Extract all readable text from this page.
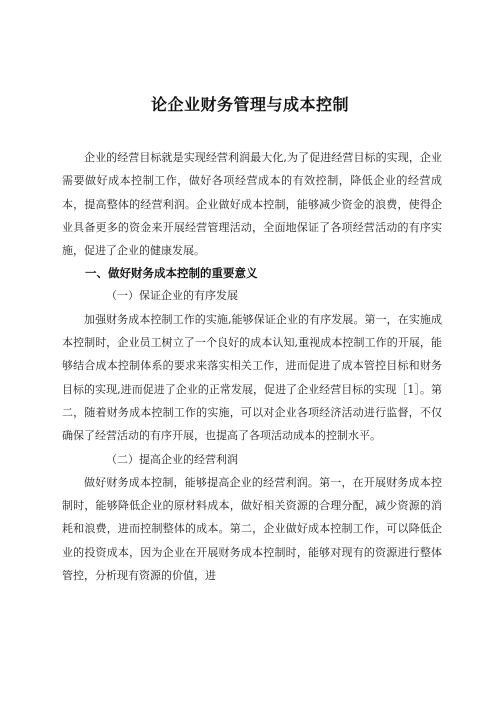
论企业财务管理与成本控制

企业的经营目标就是实现经营利润最大化,为了促进经营目标的实现，企业需要做好成本控制工作，做好各项经营成本的有效控制，降低企业的经营成本，提高整体的经营利润。企业做好成本控制，能够减少资金的浪费，使得企业具备更多的资金来开展经营管理活动，全面地保证了各项经营活动的有序实施，促进了企业的健康发展。

一、做好财务成本控制的重要意义
（一）保证企业的有序发展

加强财务成本控制工作的实施,能够保证企业的有序发展。第一，在实施成本控制时，企业员工树立了一个良好的成本认知,重视成本控制工作的开展，能够结合成本控制体系的要求来落实相关工作，进而促进了成本管控目标和财务目标的实现,进而促进了企业的正常发展，促进了企业经营目标的实现［1］。第二，随着财务成本控制工作的实施，可以对企业各项经济活动进行监督，不仅确保了经营活动的有序开展，也提高了各项活动成本的控制水平。

（二）提高企业的经营利润

做好财务成本控制，能够提高企业的经营利润。第一，在开展财务成本控制时，能够降低企业的原材料成本，做好相关资源的合理分配，减少资源的消耗和浪费，进而控制整体的成本。第二，企业做好成本控制工作，可以降低企业的投资成本，因为企业在开展财务成本控制时，能够对现有的资源进行整体管控，分析现有资源的价值，进
